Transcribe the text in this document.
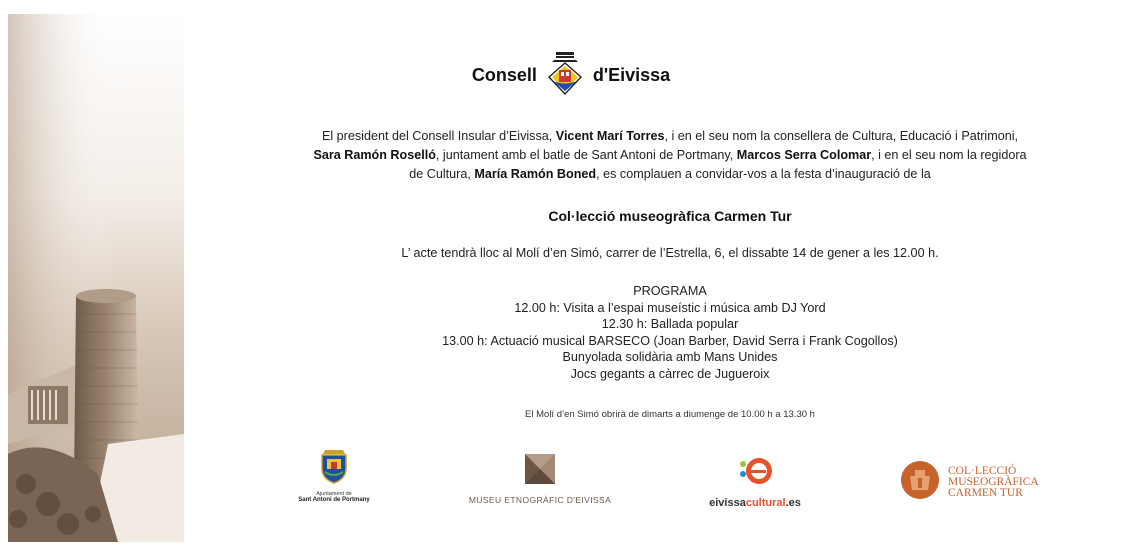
Consell	d'Eivissa
El president del Consell Insular d’Eivissa, Vicent Marí Torres, i en el seu nom la consellera de Cultura, Educació i Patrimoni,
Sara Ramón Roselló, juntament amb el batle de Sant Antoni de Portmany, Marcos Serra Colomar, i en el seu nom la regidora
de Cultura, María Ramón Boned, es complauen a convidar-vos a la festa d’inauguració de la
Col·lecció museogràfica Carmen Tur
L’ acte tendrà lloc al Molí d’en Simó, carrer de l’Estrella, 6, el dissabte 14 de gener a les 12.00 h.
PROGRAMA
12.00 h: Visita a l’espai museístic i música amb DJ Yord
12.30 h: Ballada popular
13.00 h: Actuació musical BARSECO (Joan Barber, David Serra i Frank Cogollos)
Bunyolada solidària amb Mans Unides
Jocs gegants a càrrec de Jugueroix
El Molí d’en Simó obrirà de dimarts a diumenge de 10.00 h a 13.30 h
Ajuntament de
Sant Antoni de Portmany	MUSEU ETNOGRÀFIC D'EIVISSA	eivissacultural.es
COL·LECCIÓ
MUSEOGRÀFICA
CARMEN TUR
